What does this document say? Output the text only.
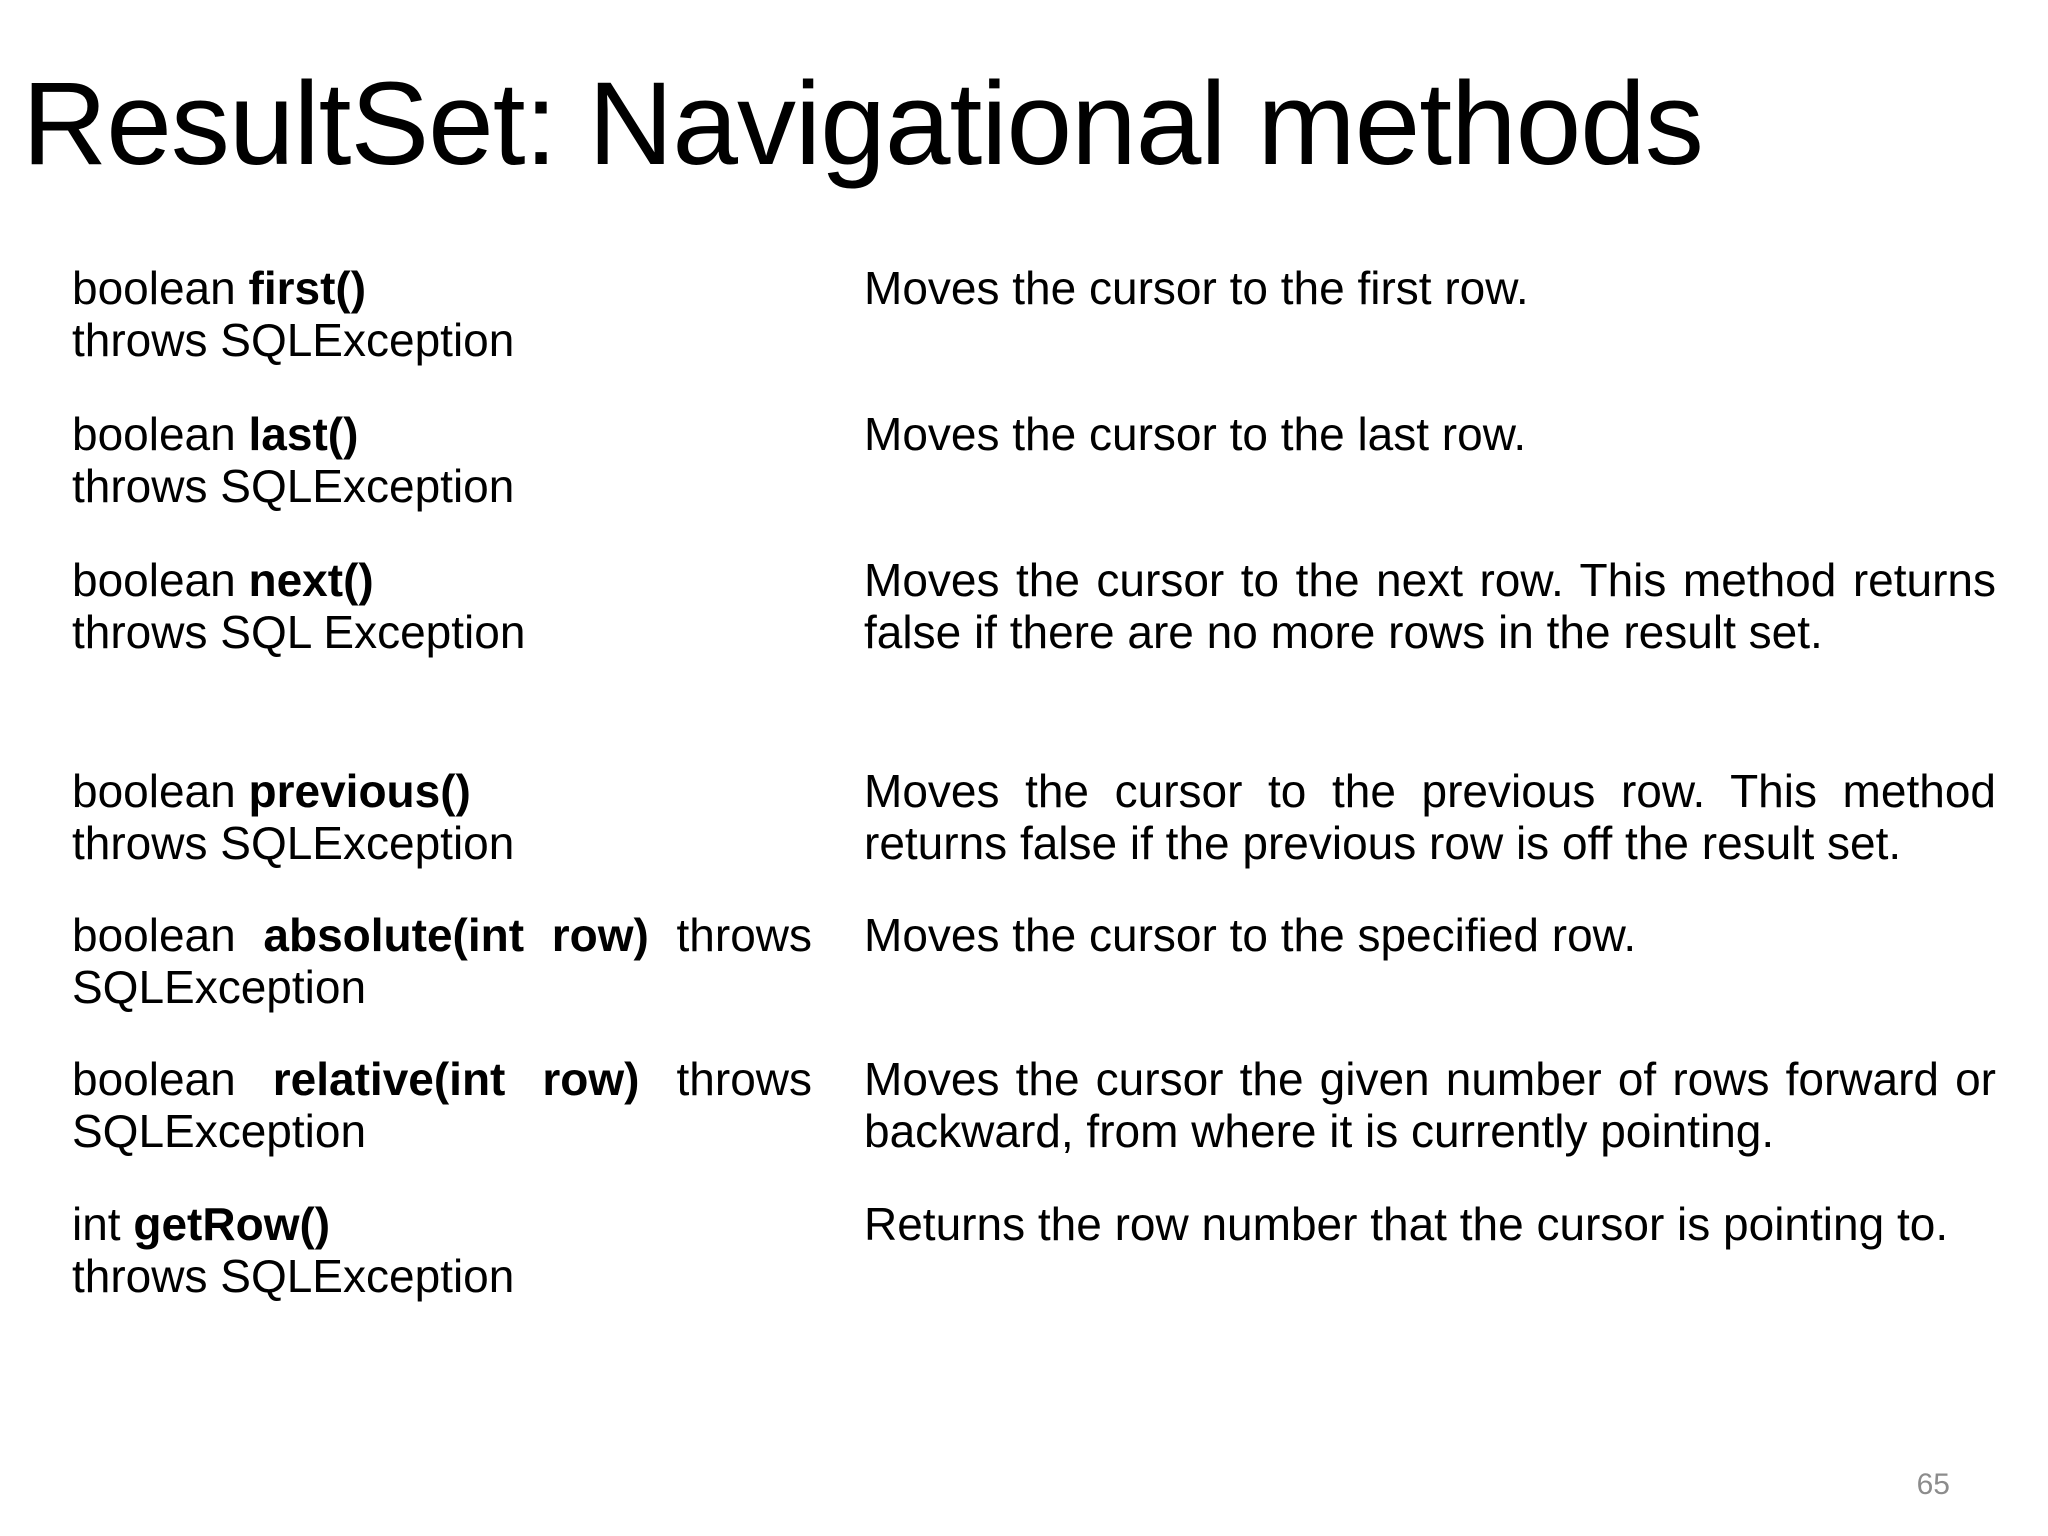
ResultSet: Navigational methods
boolean first()
throws SQLException
Moves the cursor to the first row.
boolean last()
throws SQLException
Moves the cursor to the last row.
boolean next()
throws SQL Exception
Moves the cursor to the next row. This method returns false if there are no more rows in the result set.
boolean previous()
throws SQLException
Moves the cursor to the previous row. This method returns false if the previous row is off the result set.
boolean absolute(int row) throws SQLException
Moves the cursor to the specified row.
boolean relative(int row) throws SQLException
Moves the cursor the given number of rows forward or backward, from where it is currently pointing.
int getRow()
throws SQLException
Returns the row number that the cursor is pointing to.
65
